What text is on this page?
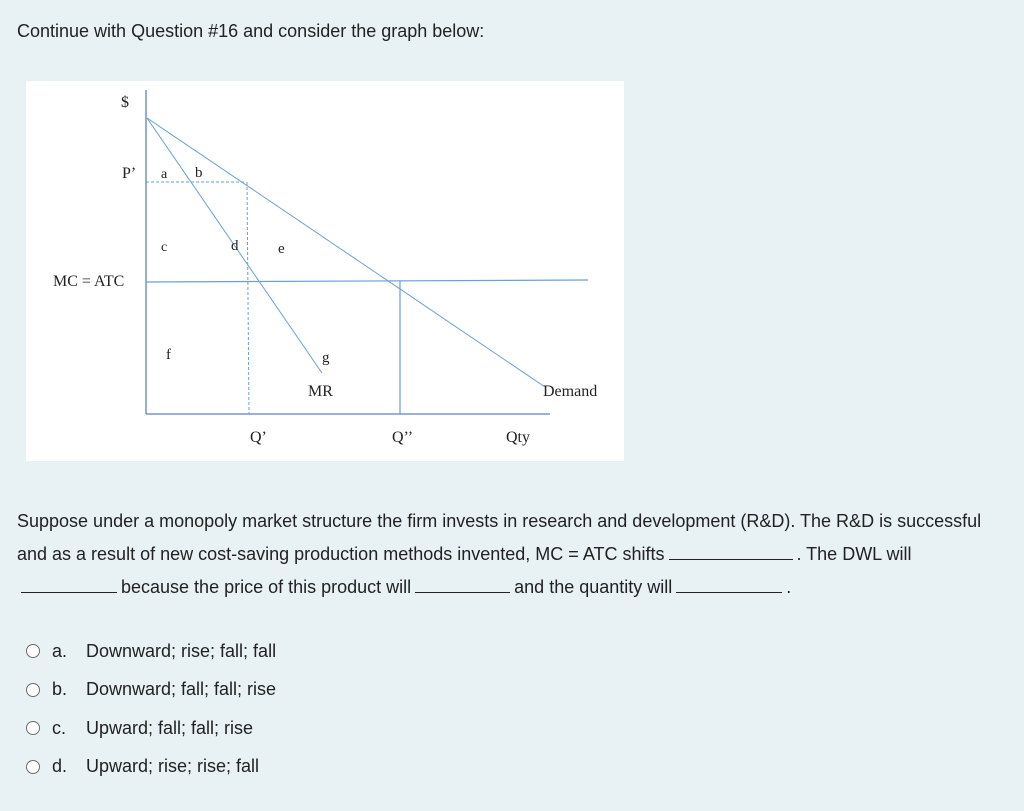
Continue with Question #16 and consider the graph below:
$
P’ a b
c	d	e
MC = ATC
f	g
MR	Demand
Q’	Q’’	Qty
Suppose under a monopoly market structure the firm invests in research and development (R&D). The R&D is successful and as a result of new cost-saving production methods invented, MC = ATC shifts	. The DWL willbecause the price of this product will	and the quantity will	.
a.	Downward; rise; fall; fall
b.	Downward; fall; fall; rise
c.	Upward; fall; fall; rise
d.	Upward; rise; rise; fall
